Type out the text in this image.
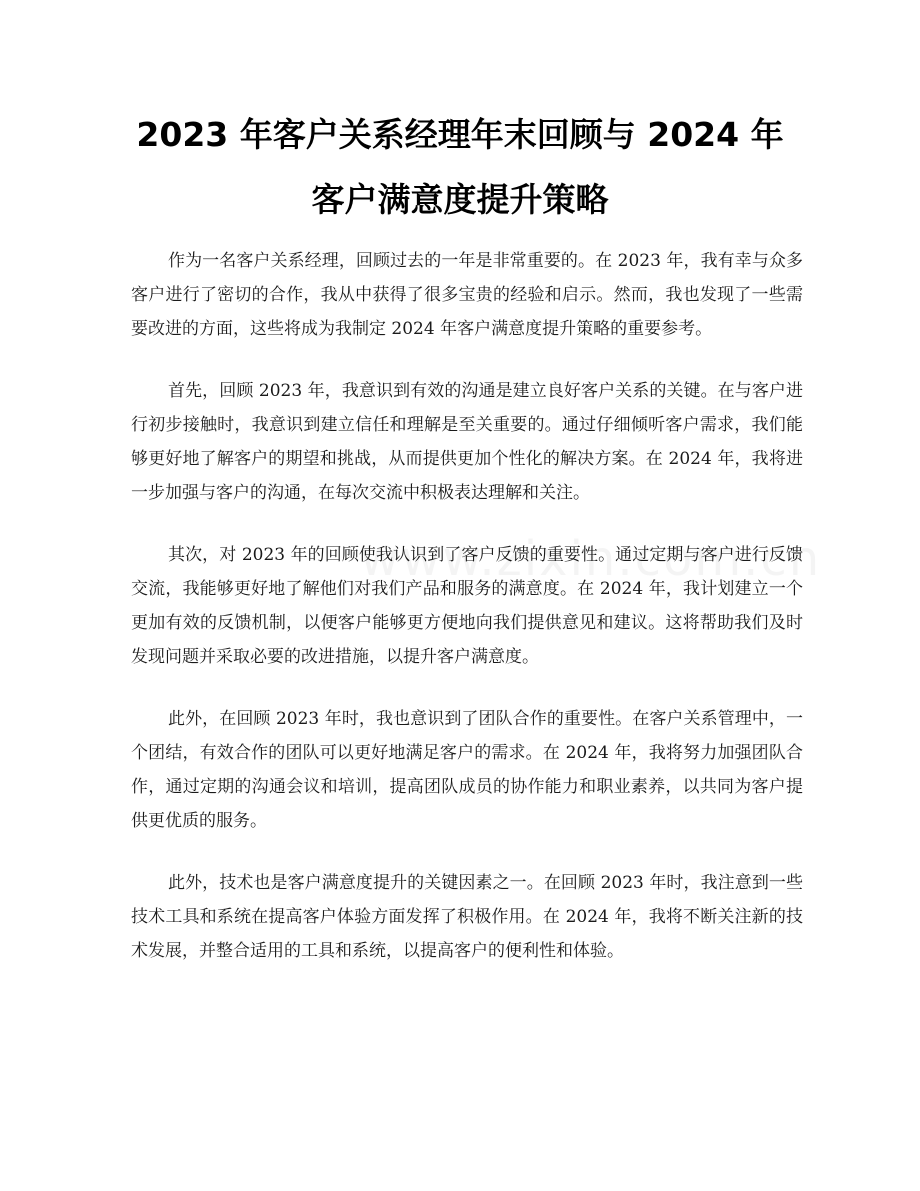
2023 年客户关系经理年末回顾与 2024 年客户满意度提升策略

作为一名客户关系经理，回顾过去的一年是非常重要的。在 2023 年，我有幸与众多客户进行了密切的合作，我从中获得了很多宝贵的经验和启示。然而，我也发现了一些需要改进的方面，这些将成为我制定 2024 年客户满意度提升策略的重要参考。

首先，回顾 2023 年，我意识到有效的沟通是建立良好客户关系的关键。在与客户进行初步接触时，我意识到建立信任和理解是至关重要的。通过仔细倾听客户需求，我们能够更好地了解客户的期望和挑战，从而提供更加个性化的解决方案。在 2024 年，我将进一步加强与客户的沟通，在每次交流中积极表达理解和关注。

其次，对 2023 年的回顾使我认识到了客户反馈的重要性。通过定期与客户进行反馈交流，我能够更好地了解他们对我们产品和服务的满意度。在 2024 年，我计划建立一个更加有效的反馈机制，以便客户能够更方便地向我们提供意见和建议。这将帮助我们及时发现问题并采取必要的改进措施，以提升客户满意度。

此外，在回顾 2023 年时，我也意识到了团队合作的重要性。在客户关系管理中，一个团结，有效合作的团队可以更好地满足客户的需求。在 2024 年，我将努力加强团队合作，通过定期的沟通会议和培训，提高团队成员的协作能力和职业素养，以共同为客户提供更优质的服务。

此外，技术也是客户满意度提升的关键因素之一。在回顾 2023 年时，我注意到一些技术工具和系统在提高客户体验方面发挥了积极作用。在 2024 年，我将不断关注新的技术发展，并整合适用的工具和系统，以提高客户的便利性和体验。
